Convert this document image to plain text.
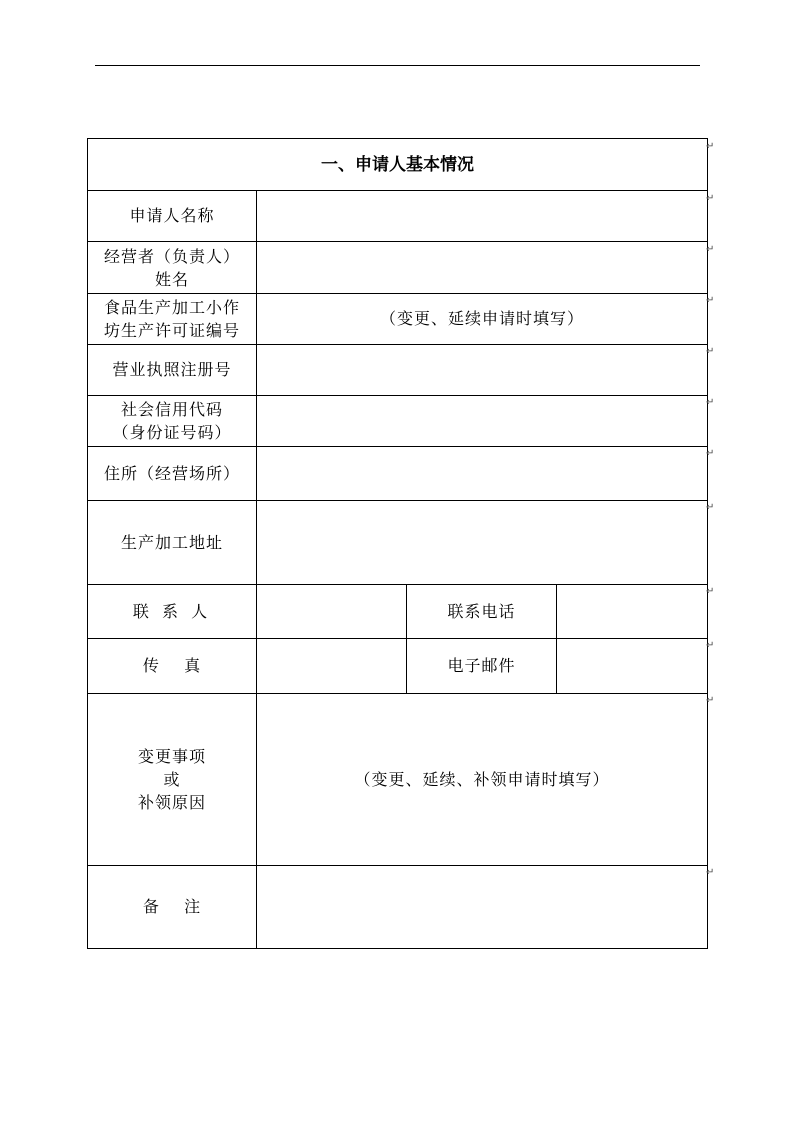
一、申请人基本情况			
申请人名称			

经营者（负责人）
姓名			

食品生产加工小作
坊生产许可证编号	（变更、延续申请时填写）		
营业执照注册号			

社会信用代码
（身份证号码）			

住所（经营场所）			
生产加工地址			
联 系 人		联系电话	
传    真		电子邮件	

变更事项
或
补领原因	（变更、延续、补领申请时填写）		
备    注			
↵
↵
↵
↵
↵
↵
↵
↵
↵
↵
↵
↵
